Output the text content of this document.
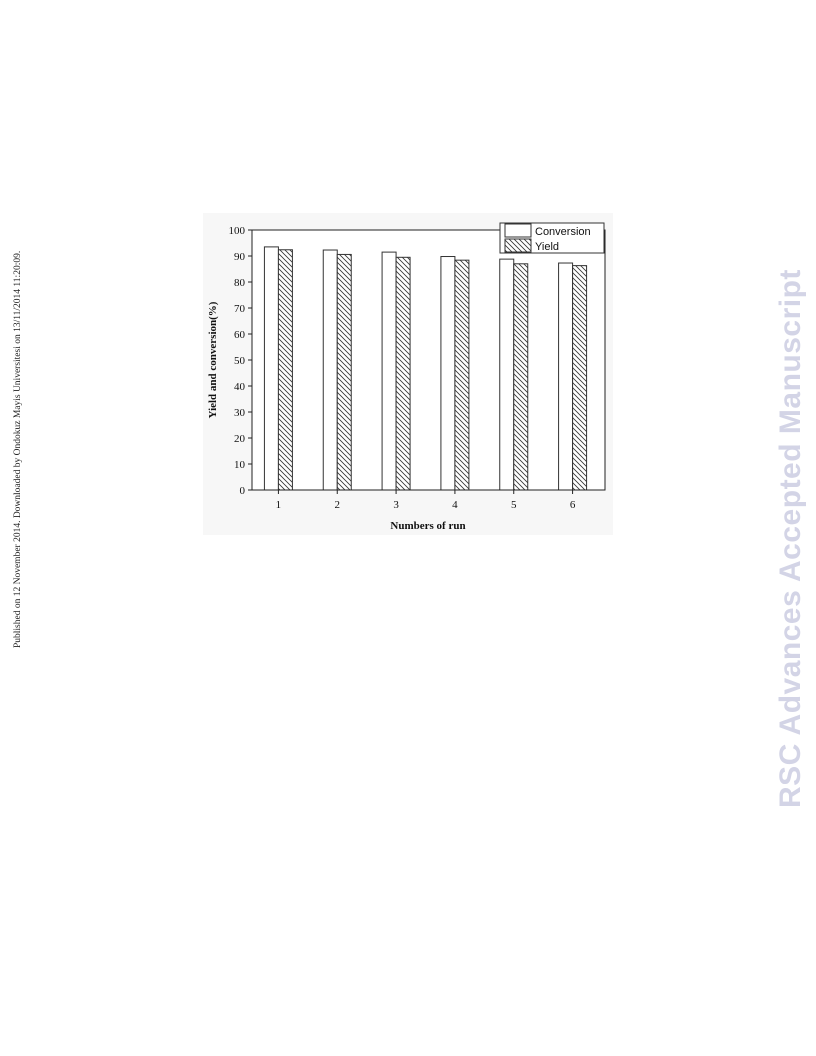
Published on 12 November 2014. Downloaded by Ondokuz Mayis Universitesi on 13/11/2014 11:20:09.	RSC Advances Accepted Manuscript
0
10
20
30
40
50
60
70
80
90
100
1	2	3	4	5	6
Numbers of run
Yield and conversion(%)
Conversion
Yield
